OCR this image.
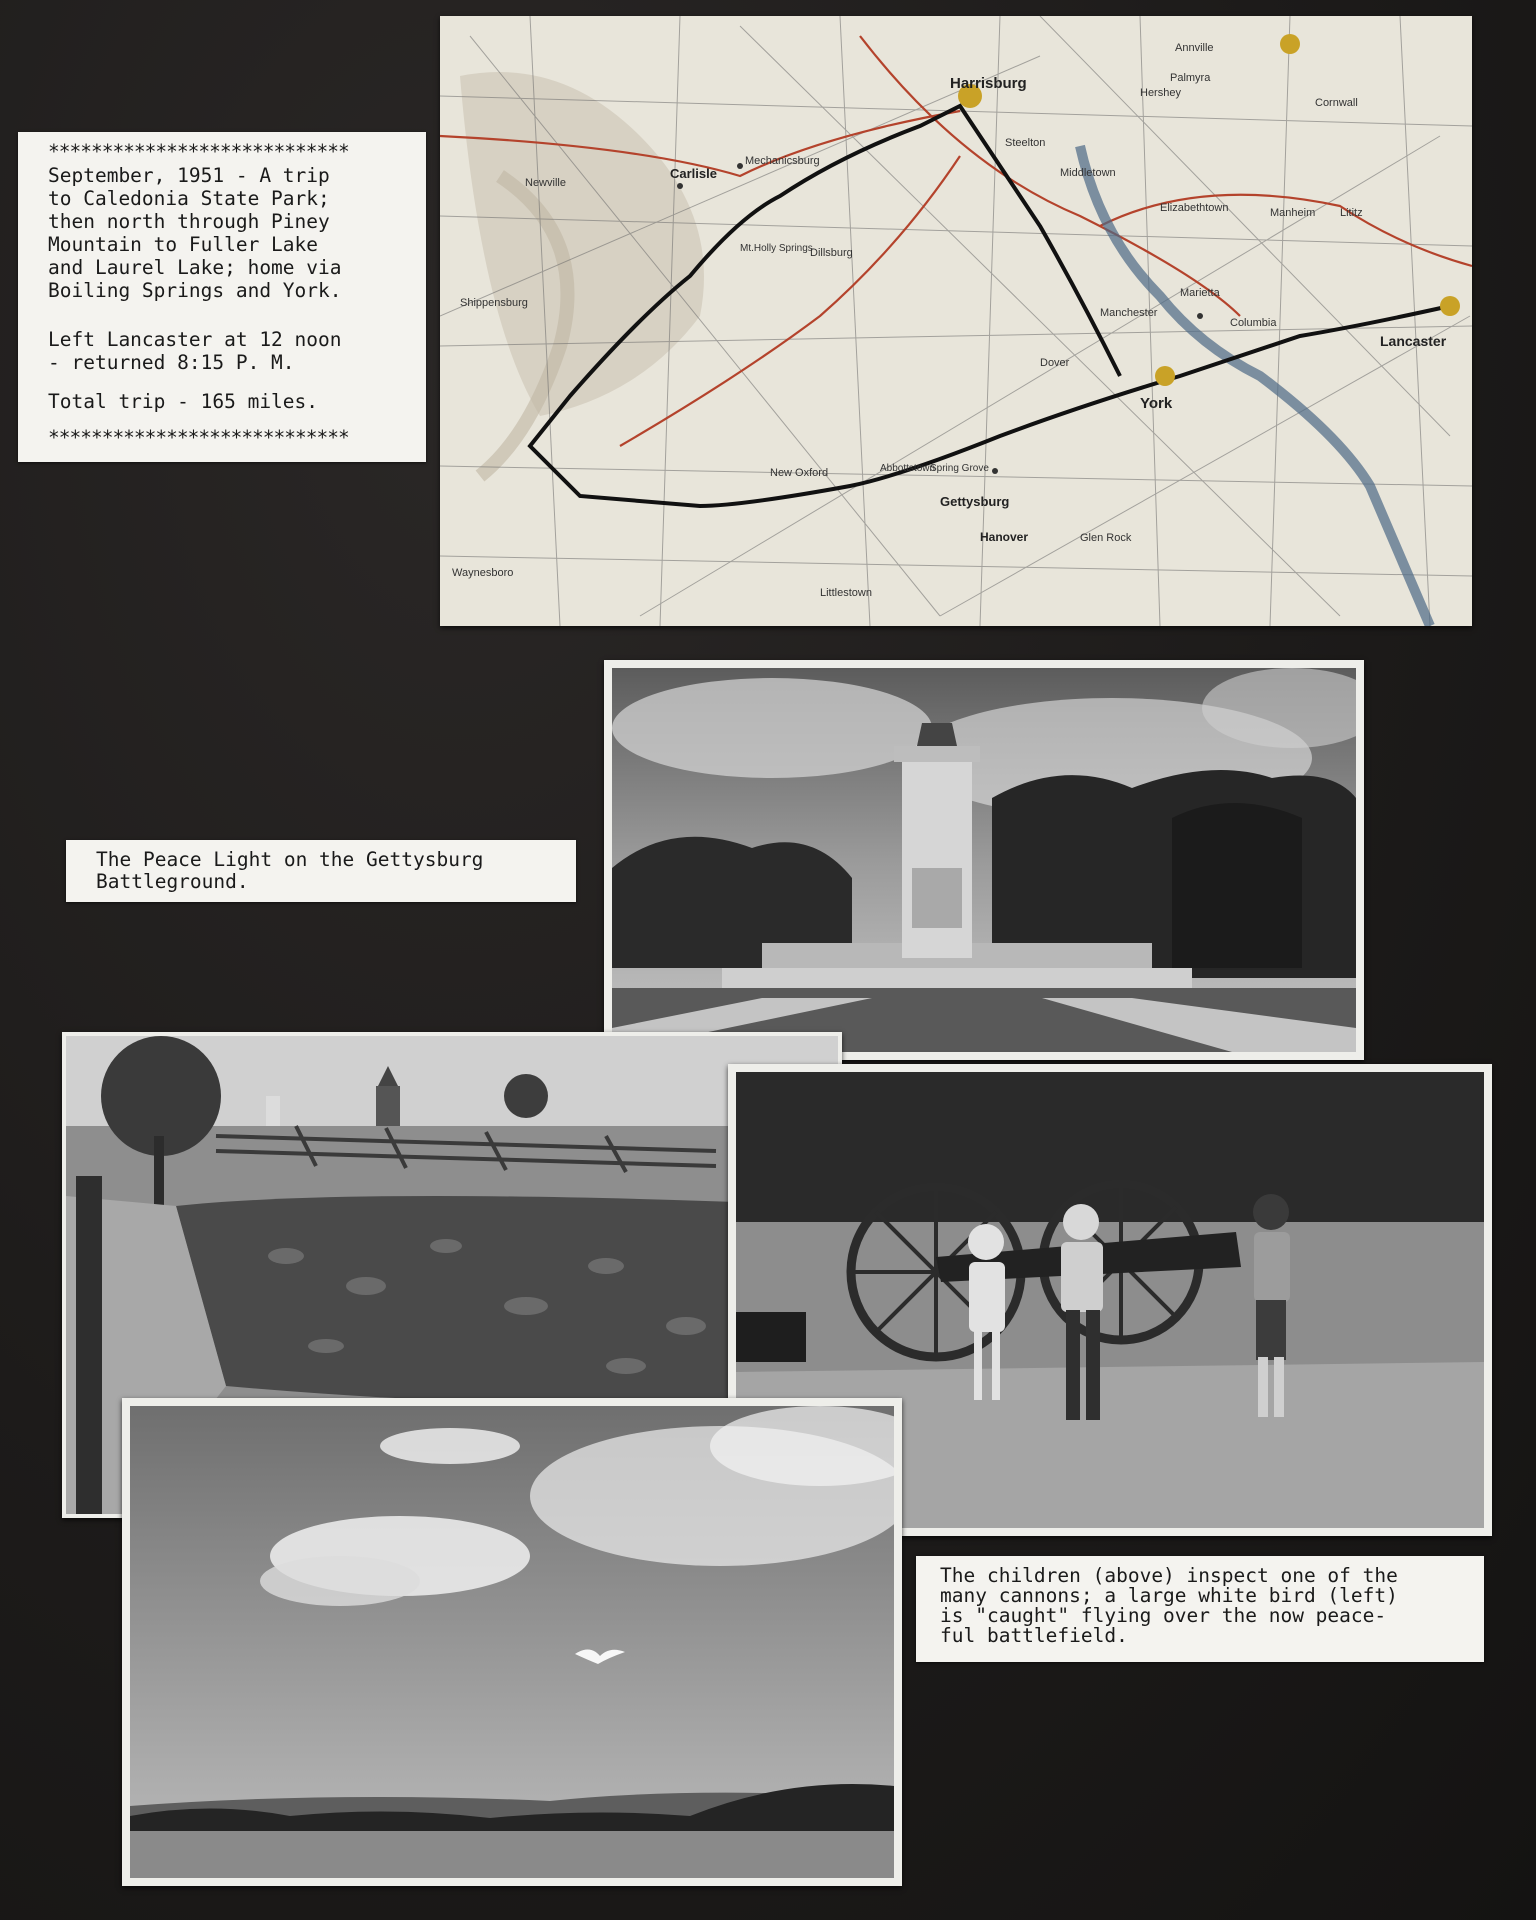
****************************

September, 1951 - A trip
to Caledonia State Park;
then north through Piney
Mountain to Fuller Lake
and Laurel Lake; home via
Boiling Springs and York.

Left Lancaster at 12 noon
- returned 8:15 P. M.

Total trip - 165 miles.

****************************

Harrisburg
Carlisle
Mechanicsburg
Lancaster
York
Gettysburg
Hanover
Columbia
Middletown
Steelton
Dillsburg
Shippensburg
Newville
Waynesboro
Mt.Holly Springs
New Oxford
Littlestown
Manheim
Elizabethtown
Marietta
Abbottstown
Spring Grove
Glen Rock
Dover
Manchester
Hershey
Palmyra
Annville
Cornwall
Lititz

The Peace Light on the Gettysburg
Battleground.

The children (above) inspect one of the
many cannons; a large white bird (left)
is "caught" flying over the now peace-
ful battlefield.
